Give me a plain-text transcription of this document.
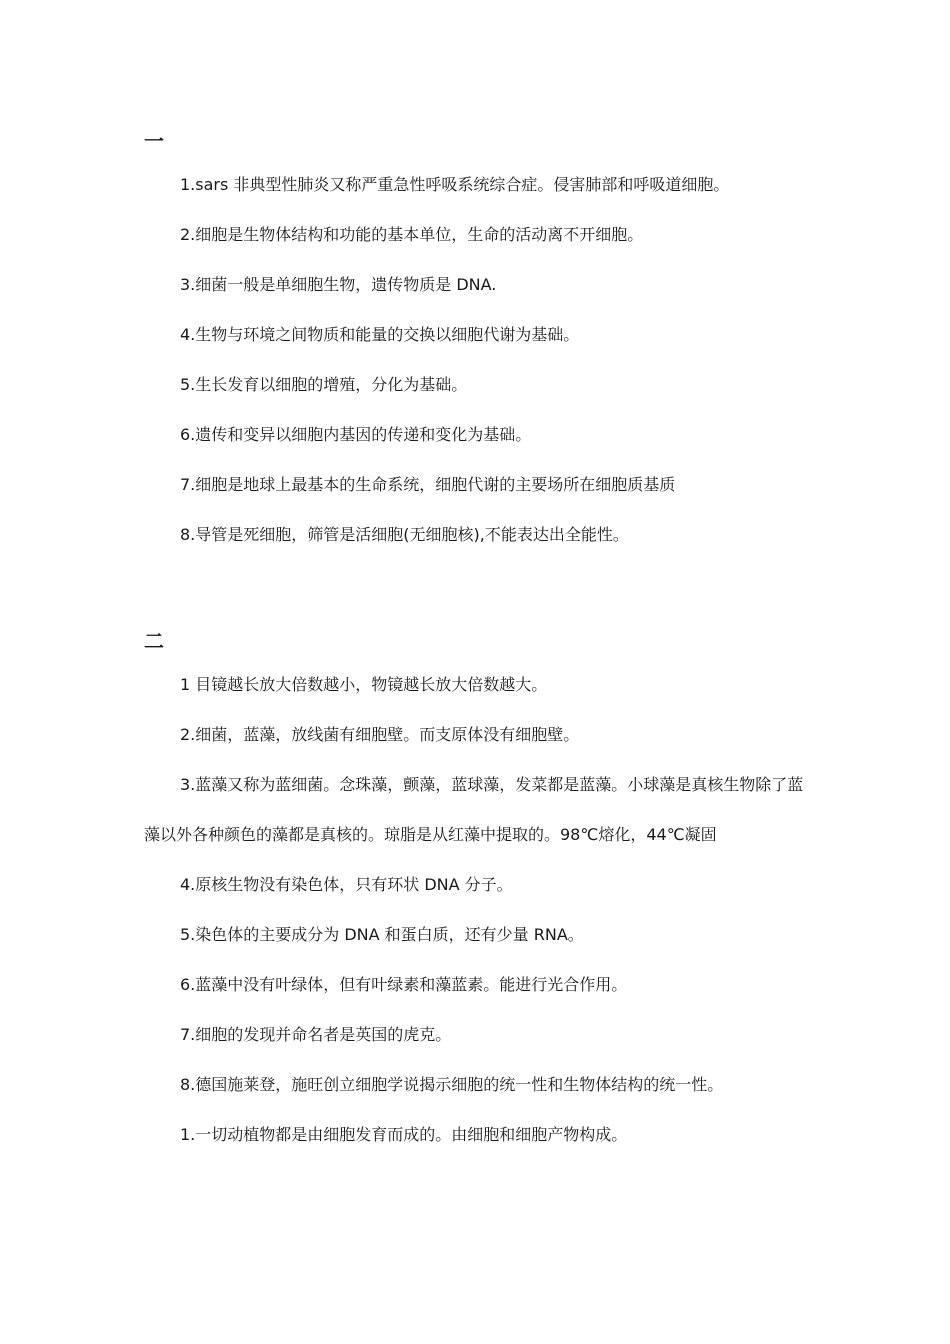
一

1.sars 非典型性肺炎又称严重急性呼吸系统综合症。侵害肺部和呼吸道细胞。

2.细胞是生物体结构和功能的基本单位，生命的活动离不开细胞。

3.细菌一般是单细胞生物，遗传物质是 DNA.

4.生物与环境之间物质和能量的交换以细胞代谢为基础。

5.生长发育以细胞的增殖，分化为基础。

6.遗传和变异以细胞内基因的传递和变化为基础。

7.细胞是地球上最基本的生命系统，细胞代谢的主要场所在细胞质基质

8.导管是死细胞，筛管是活细胞(无细胞核),不能表达出全能性。

二

1 目镜越长放大倍数越小，物镜越长放大倍数越大。

2.细菌，蓝藻，放线菌有细胞壁。而支原体没有细胞壁。

3.蓝藻又称为蓝细菌。念珠藻，颤藻，蓝球藻，发菜都是蓝藻。小球藻是真核生物除了蓝藻以外各种颜色的藻都是真核的。琼脂是从红藻中提取的。98℃熔化，44℃凝固

4.原核生物没有染色体，只有环状 DNA 分子。

5.染色体的主要成分为 DNA 和蛋白质，还有少量 RNA。

6.蓝藻中没有叶绿体，但有叶绿素和藻蓝素。能进行光合作用。

7.细胞的发现并命名者是英国的虎克。

8.德国施莱登，施旺创立细胞学说揭示细胞的统一性和生物体结构的统一性。

1.一切动植物都是由细胞发育而成的。由细胞和细胞产物构成。
